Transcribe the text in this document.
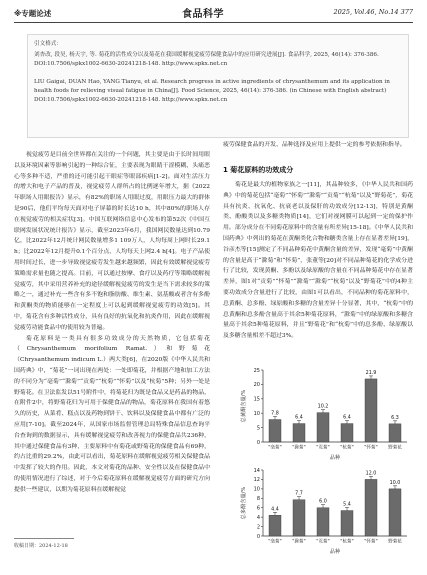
※专题论述	食品科学	2025, Vol.46, No.14 377

引文格式：

刘杏改, 段昊, 杨天宇, 等. 菊花的活性成分以及菊花在我国缓解视觉疲劳保健食品中的应用研究进展[J]. 食品科学, 2025, 46(14): 376-386. DOI:10.7506/spkx1002-6630-20241218-148. http://www.spkx.net.cn

LIU Gaigai, DUAN Hao, YANG Tianyu, et al. Research progress in active ingredients of chrysanthemum and its application in health foods for relieving visual fatigue in China[J]. Food Science, 2025, 46(14): 376-386. (in Chinese with English abstract) DOI:10.7506/spkx1002-6630-20241218-148. http://www.spkx.net.cn

视觉疲劳是目前全世界都在关注的一个问题，其主要是由于长时间用眼以及环境因素等影响引起的一种综合征，主要表现为眼睛干涩模糊、头痛恶心等多种不适，严重的还可能引起干眼症等眼部疾病[1-2]。面对生活压力的增大和电子产品的普及，视觉疲劳人群所占的比例逐年增大，据《2022年职场人用眼报告》显示，有82%的职场人用眼过度，用眼压力最大的群体是90后，他们平均每天面对电子屏幕的时长达10 h，其中80%的职场人存在视觉疲劳的相关症状[3]。中国互联网络信息中心发布的第52次《中国互联网发展状况统计报告》显示，截至2023年6月，我国网民数量达到10.79亿，比2022年12月统计网民数量增多1 109万人，人均每周上网时长29.1 h；比2022年12月提升0.1个百分点，人均每天上网2.4 h[4]。电子产品使用时间过长，进一步导致视觉疲劳发生越来越频繁，因此有效缓解视觉疲劳策略需求量也随之提高。目前，可以通过按摩、食疗以及药疗等策略缓解视觉疲劳，其中采用营养补充的途径缓解视觉疲劳的发生是当下需求较多的策略之一，通过补充一些含有多不饱和脂肪酸、维生素、氨基酸或者含有多酚和黄酮类的物质能够在一定程度上可以起到缓解视觉疲劳的功效[5]。其中，菊花含有多种活性成分，具有良好的抗氧化和抗炎作用，因此在缓解视觉疲劳功能食品中的使用较为普遍。

菊花原料是一类具有很多功效成分的天然物质，它包括菊花（Chrysanthemum morifolium Ramat.）和野菊花（Chrysanthemum indicum L.）两大类[6]，在2020版《中华人民共和国药典》中，“菊花”一词出现在两处：一处即菊花，并根据产地和加工方法的不同分为“亳菊”“滁菊”“贡菊”“杭菊”“怀菊”以及“杭菊”5种；另外一处是野菊花。在卫法监发以51号附件中，将菊花归为既是食品又是药品的物品，在附件2中，将野菊花归为可用于保健食品的物品，菊花原料在我国有着悠久的历史，从菜肴、糕点以及药物到饼干、饮料以及保健食品中都有广泛的应用[7-10]。截至2024年，从国家市场监督管理总局特殊食品信息查询平台查询到的数据显示，具有缓解视觉疲劳和改善视力的保健食品共236种，其中通过保健食品有3种，主要原料中有菊花或野菊花的保健食品有69种，约占比重的29.2%，由此可以看出，菊花原料在缓解视觉疲劳相关保健食品中发挥了较大的作用。因此，本文对菊花的品种、安全性以及在保健食品中的使用情况进行了综述，对于今后菊花原料在缓解视觉疲劳方面的研究方向提供一些建议，以期为菊花原料在缓解视觉

疲劳保健食品的开发、品种选择及应用上提供一定的参考依据和指导。

1 菊花原料的功效成分

菊花是最大的植物家族之一[11]，其品种较多，《中华人民共和国药典》中的菊花包括“亳菊”“怀菊”“滁菊”“贡菊”“杭菊”以及“野菊花”，菊花具有抗炎、抗氧化、抗衰老以及保肝的功效成分[12-13]，特别是黄酮类、酚酸类以及多糖类物质[14]，它们对视网膜可以起到一定的保护作用。部分成分在不同菊花原料中的含量有所差异[15-18]。《中华人民共和国药典》中列出的菊花在黄酮类化合物和糖类含量上存在显著差异[19]，谷彦杰等[15]测定了不同品种菊花中黄酮含量的差异，发现“毫菊”中黄酮的含量是高于“滁菊”和“怀菊”，张董等[20]对不同品种菊花的化学成分进行了比较，发现黄酮、多酚以及绿原酸的含量在不同品种菊花中存在显著差异，图1对“贡菊”“怀菊”“滁菊”“滁菊”“杭菊”以及“野菊花”中的4种主要功效成分含量进行了比较，由图1可以看出，不同品种的菊花原料中，总黄酮、总多酚、绿原酸和多糖的含量差异十分显著，其中，“杭菊”中的总黄酮和总多酚含量高于其余5种菊花原料，“滁菊”中的绿原酸和多糖含量高于其余5种菊花原料，并且“野菊花”和“杭菊”中的总多酚、绿原酸以及多糖含量相差不超过3%。

0
5
10
15
20
25
总黄酮含量/%	7.8
"亳菊"
6.4
"滁菊"
10.2
"贡菊"
6.4
"杭菊"
21.9
"怀菊"
6.3
野菊花
品种
0
2
4
6
8
10
12
14
总多酚含量/%	4.4
"亳菊"
7.7
"滁菊"
6.0
"贡菊"
5.4
"杭菊"
12.0
"怀菊"
10.0
野菊花
品种
收稿日期：2024-12-18
